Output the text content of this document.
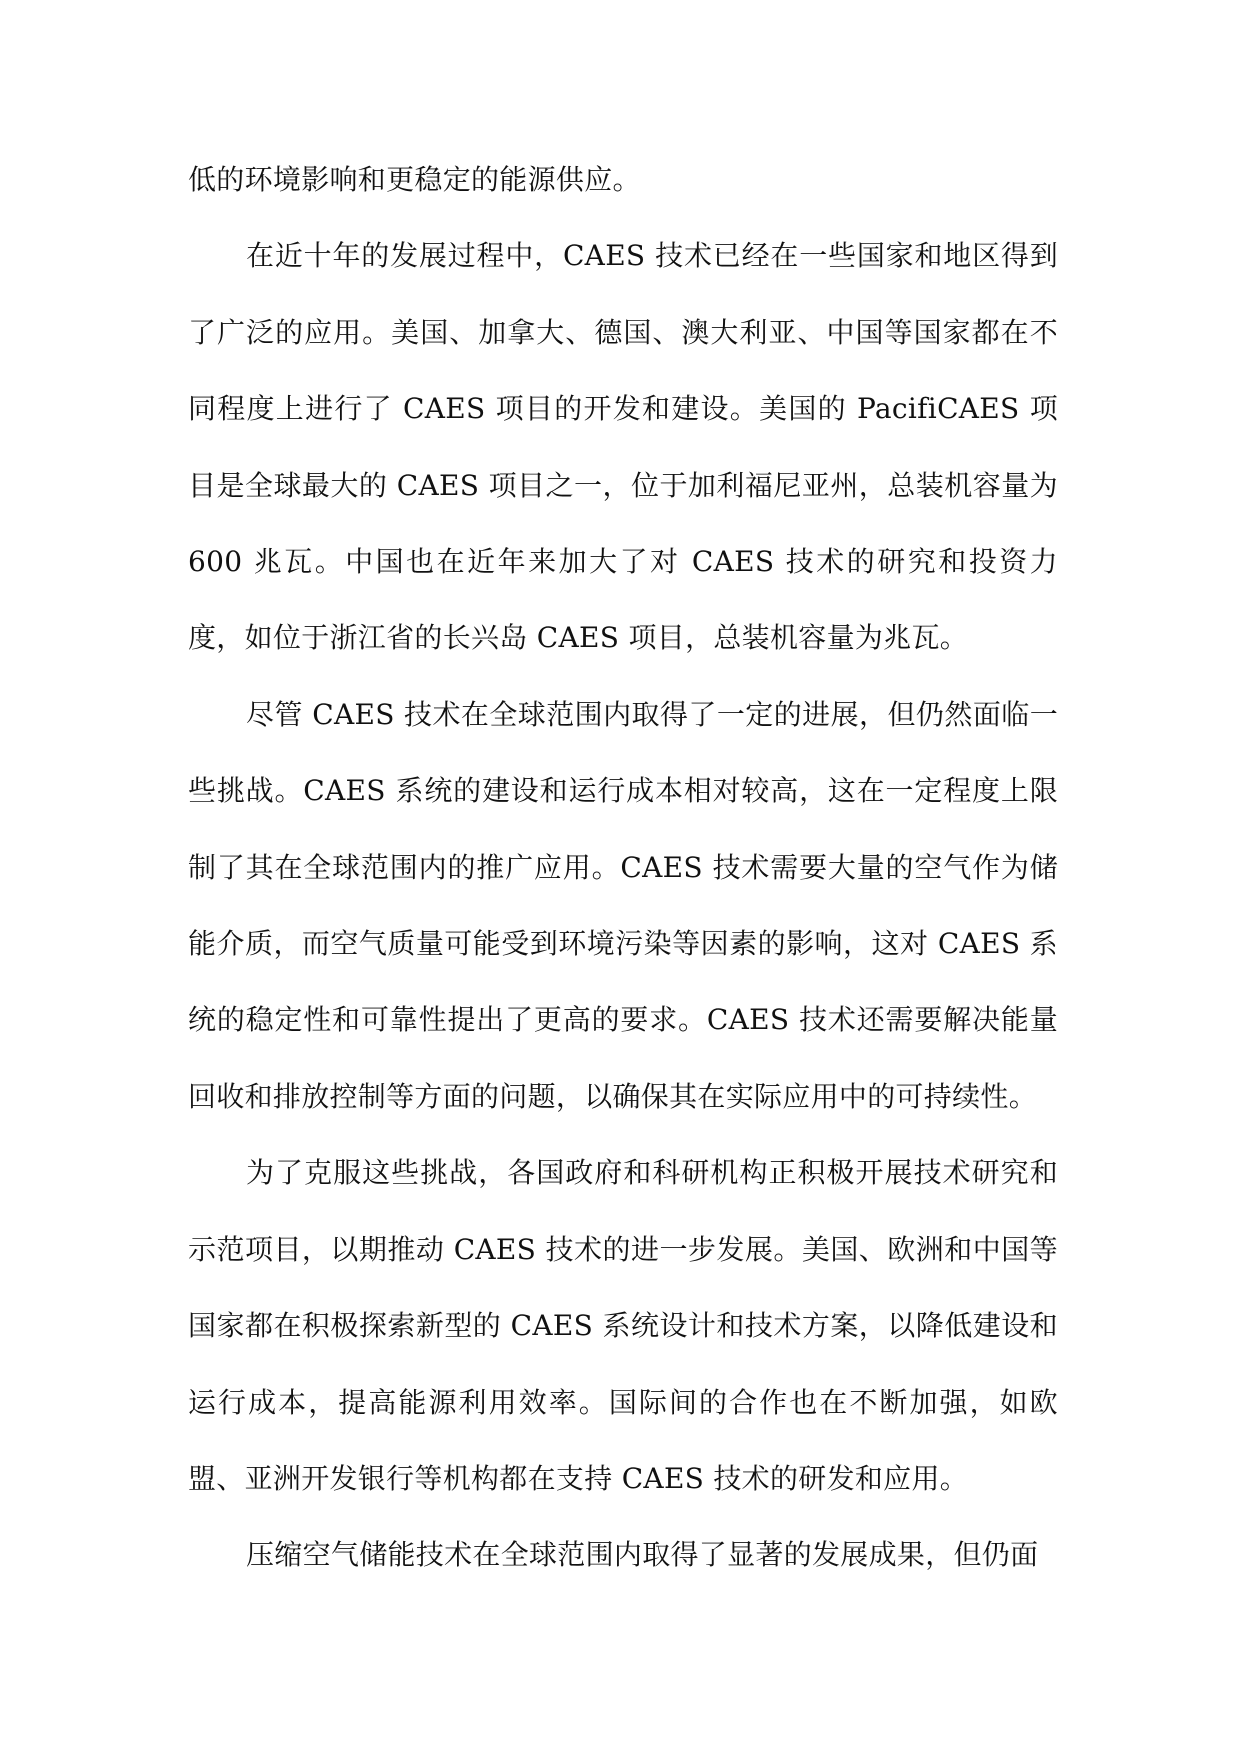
低的环境影响和更稳定的能源供应。

在近十年的发展过程中，CAES 技术已经在一些国家和地区得到了广泛的应用。美国、加拿大、德国、澳大利亚、中国等国家都在不同程度上进行了 CAES 项目的开发和建设。美国的 PacifiCAES 项目是全球最大的 CAES 项目之一，位于加利福尼亚州，总装机容量为 600 兆瓦。中国也在近年来加大了对 CAES 技术的研究和投资力度，如位于浙江省的长兴岛 CAES 项目，总装机容量为兆瓦。

尽管 CAES 技术在全球范围内取得了一定的进展，但仍然面临一些挑战。CAES 系统的建设和运行成本相对较高，这在一定程度上限制了其在全球范围内的推广应用。CAES 技术需要大量的空气作为储能介质，而空气质量可能受到环境污染等因素的影响，这对 CAES 系统的稳定性和可靠性提出了更高的要求。CAES 技术还需要解决能量回收和排放控制等方面的问题，以确保其在实际应用中的可持续性。

为了克服这些挑战，各国政府和科研机构正积极开展技术研究和示范项目，以期推动 CAES 技术的进一步发展。美国、欧洲和中国等国家都在积极探索新型的 CAES 系统设计和技术方案，以降低建设和运行成本，提高能源利用效率。国际间的合作也在不断加强，如欧盟、亚洲开发银行等机构都在支持 CAES 技术的研发和应用。

压缩空气储能技术在全球范围内取得了显著的发展成果，但仍面
